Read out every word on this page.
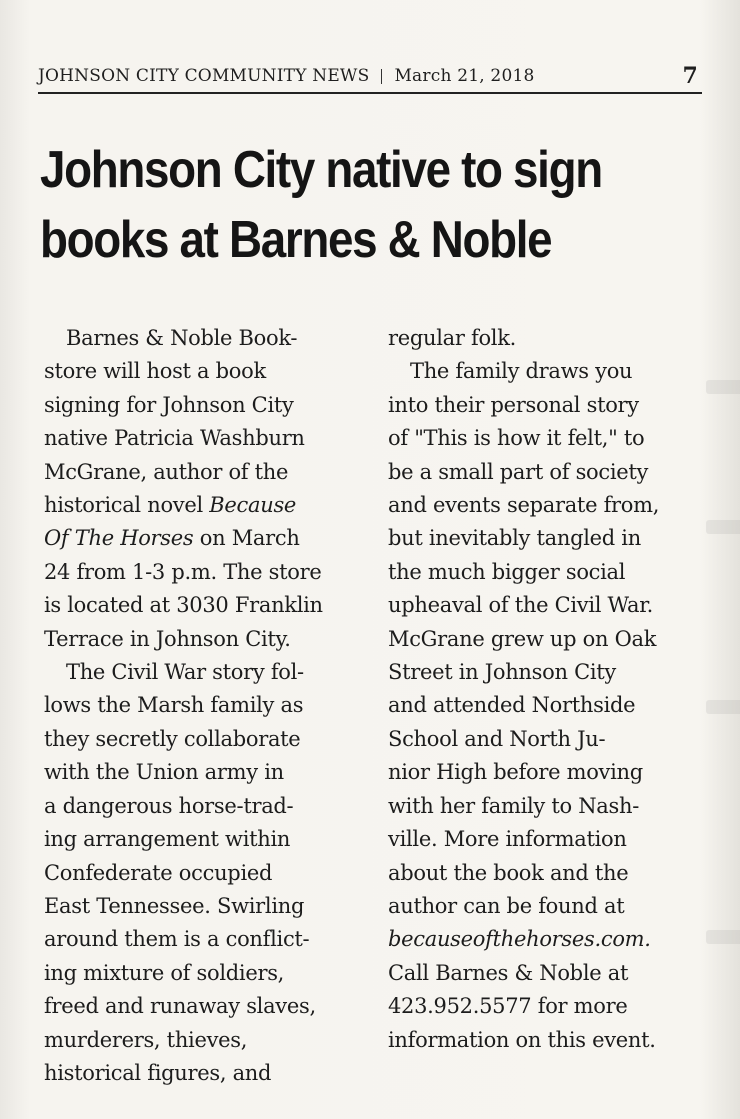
JOHNSON CITY COMMUNITY NEWS March 21, 2018	7
Johnson City native to sign
books at Barnes & Noble
Barnes & Noble Book-
store will host a book
signing for Johnson City
native Patricia Washburn
McGrane, author of the
historical novel Because
Of The Horses on March
24 from 1-3 p.m. The store
is located at 3030 Franklin
Terrace in Johnson City.
The Civil War story fol-
lows the Marsh family as
they secretly collaborate
with the Union army in
a dangerous horse-trad-
ing arrangement within
Confederate occupied
East Tennessee. Swirling
around them is a conflict-
ing mixture of soldiers,
freed and runaway slaves,
murderers, thieves,
historical figures, and
regular folk.
The family draws you
into their personal story
of "This is how it felt," to
be a small part of society
and events separate from,
but inevitably tangled in
the much bigger social
upheaval of the Civil War.
McGrane grew up on Oak
Street in Johnson City
and attended Northside
School and North Ju-
nior High before moving
with her family to Nash-
ville. More information
about the book and the
author can be found at
becauseofthehorses.com.
Call Barnes & Noble at
423.952.5577 for more
information on this event.
